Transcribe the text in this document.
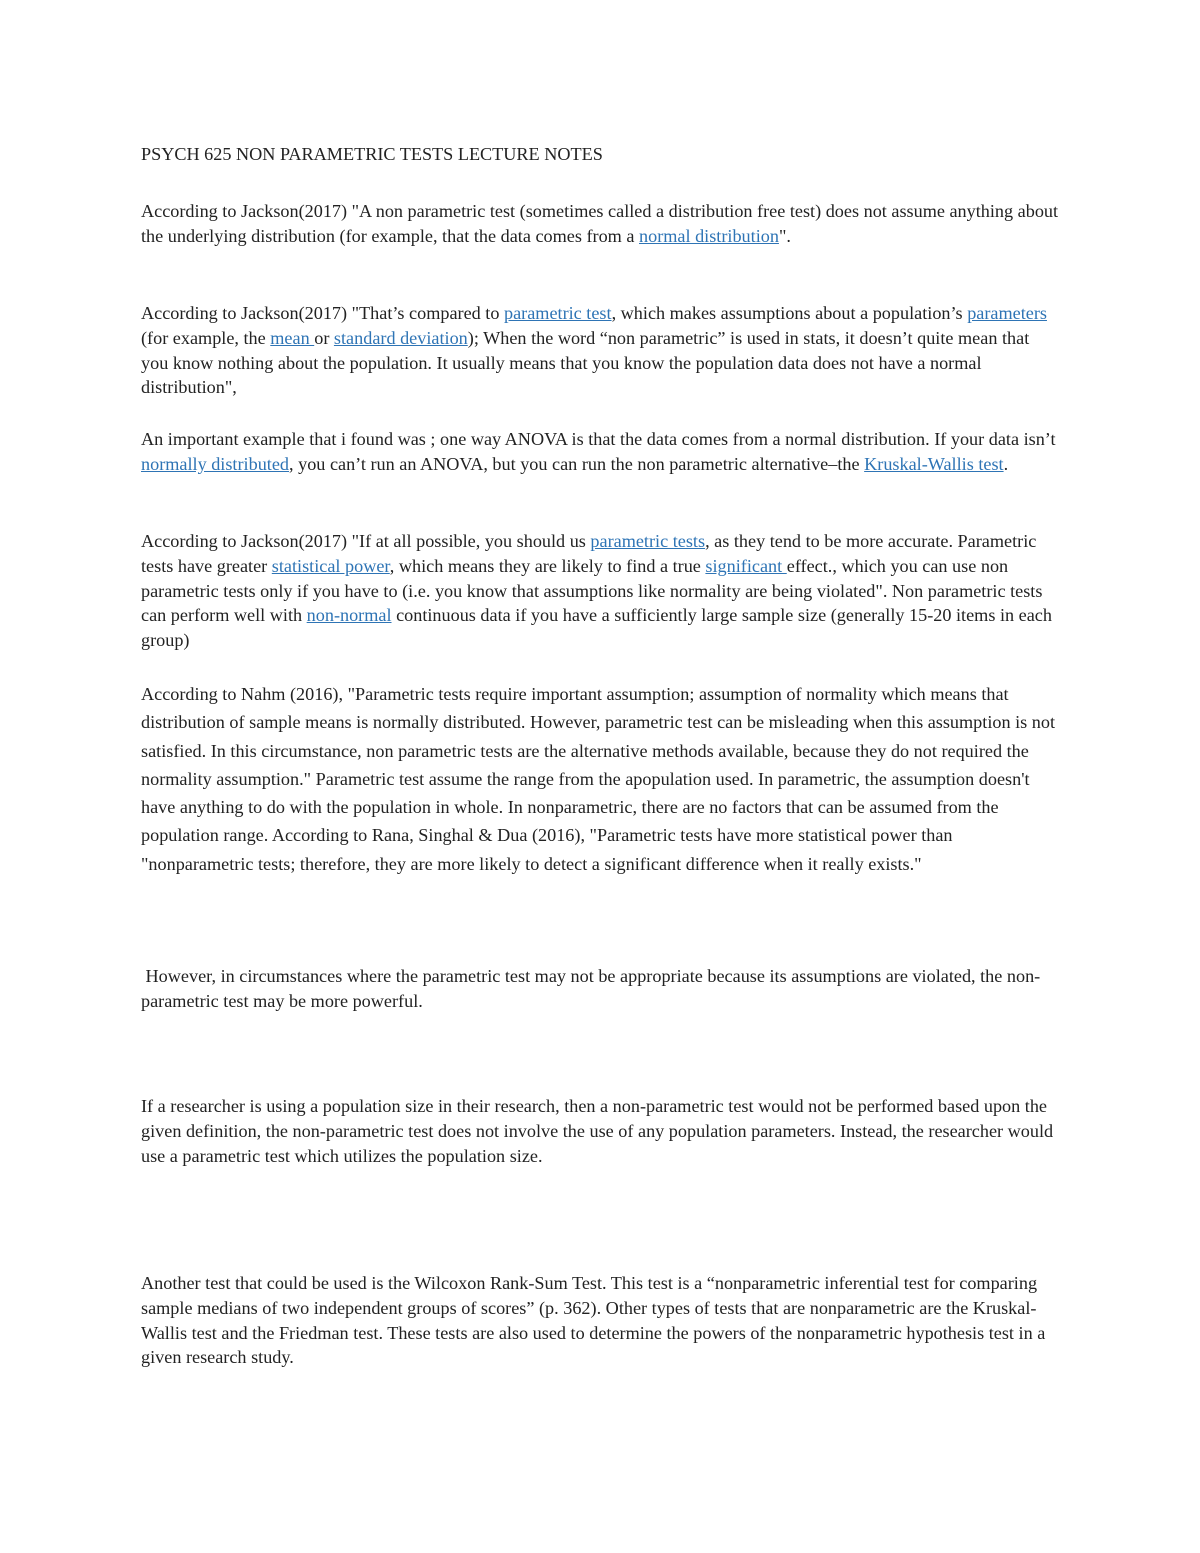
PSYCH 625 NON PARAMETRIC TESTS LECTURE NOTES

According to Jackson(2017) "A non parametric test (sometimes called a distribution free test) does not assume anything about the underlying distribution (for example, that the data comes from a normal distribution".

According to Jackson(2017) "That’s compared to parametric test, which makes assumptions about a population’s parameters (for example, the mean or standard deviation); When the word “non parametric” is used in stats, it doesn’t quite mean that you know nothing about the population. It usually means that you know the population data does not have a normal distribution",

An important example that i found was ; one way ANOVA is that the data comes from a normal distribution. If your data isn’t normally distributed, you can’t run an ANOVA, but you can run the non parametric alternative–the Kruskal-Wallis test.

According to Jackson(2017) "If at all possible, you should us parametric tests, as they tend to be more accurate. Parametric tests have greater statistical power, which means they are likely to find a true significant effect., which you can use non parametric tests only if you have to (i.e. you know that assumptions like normality are being violated". Non parametric tests can perform well with non-normal continuous data if you have a sufficiently large sample size (generally 15-20 items in each group)

According to Nahm (2016), "Parametric tests require important assumption; assumption of normality which means that distribution of sample means is normally distributed. However, parametric test can be misleading when this assumption is not satisfied. In this circumstance, non parametric tests are the alternative methods available, because they do not required the normality assumption." Parametric test assume the range from the apopulation used. In parametric, the assumption doesn't have anything to do with the population in whole. In nonparametric, there are no factors that can be assumed from the population range. According to Rana, Singhal & Dua (2016), "Parametric tests have more statistical power than "nonparametric tests; therefore, they are more likely to detect a significant difference when it really exists."

However, in circumstances where the parametric test may not be appropriate because its assumptions are violated, the non-parametric test may be more powerful.

If a researcher is using a population size in their research, then a non-parametric test would not be performed based upon the given definition, the non-parametric test does not involve the use of any population parameters. Instead, the researcher would use a parametric test which utilizes the population size.

Another test that could be used is the Wilcoxon Rank-Sum Test. This test is a “nonparametric inferential test for comparing sample medians of two independent groups of scores” (p. 362). Other types of tests that are nonparametric are the Kruskal-Wallis test and the Friedman test. These tests are also used to determine the powers of the nonparametric hypothesis test in a given research study.
